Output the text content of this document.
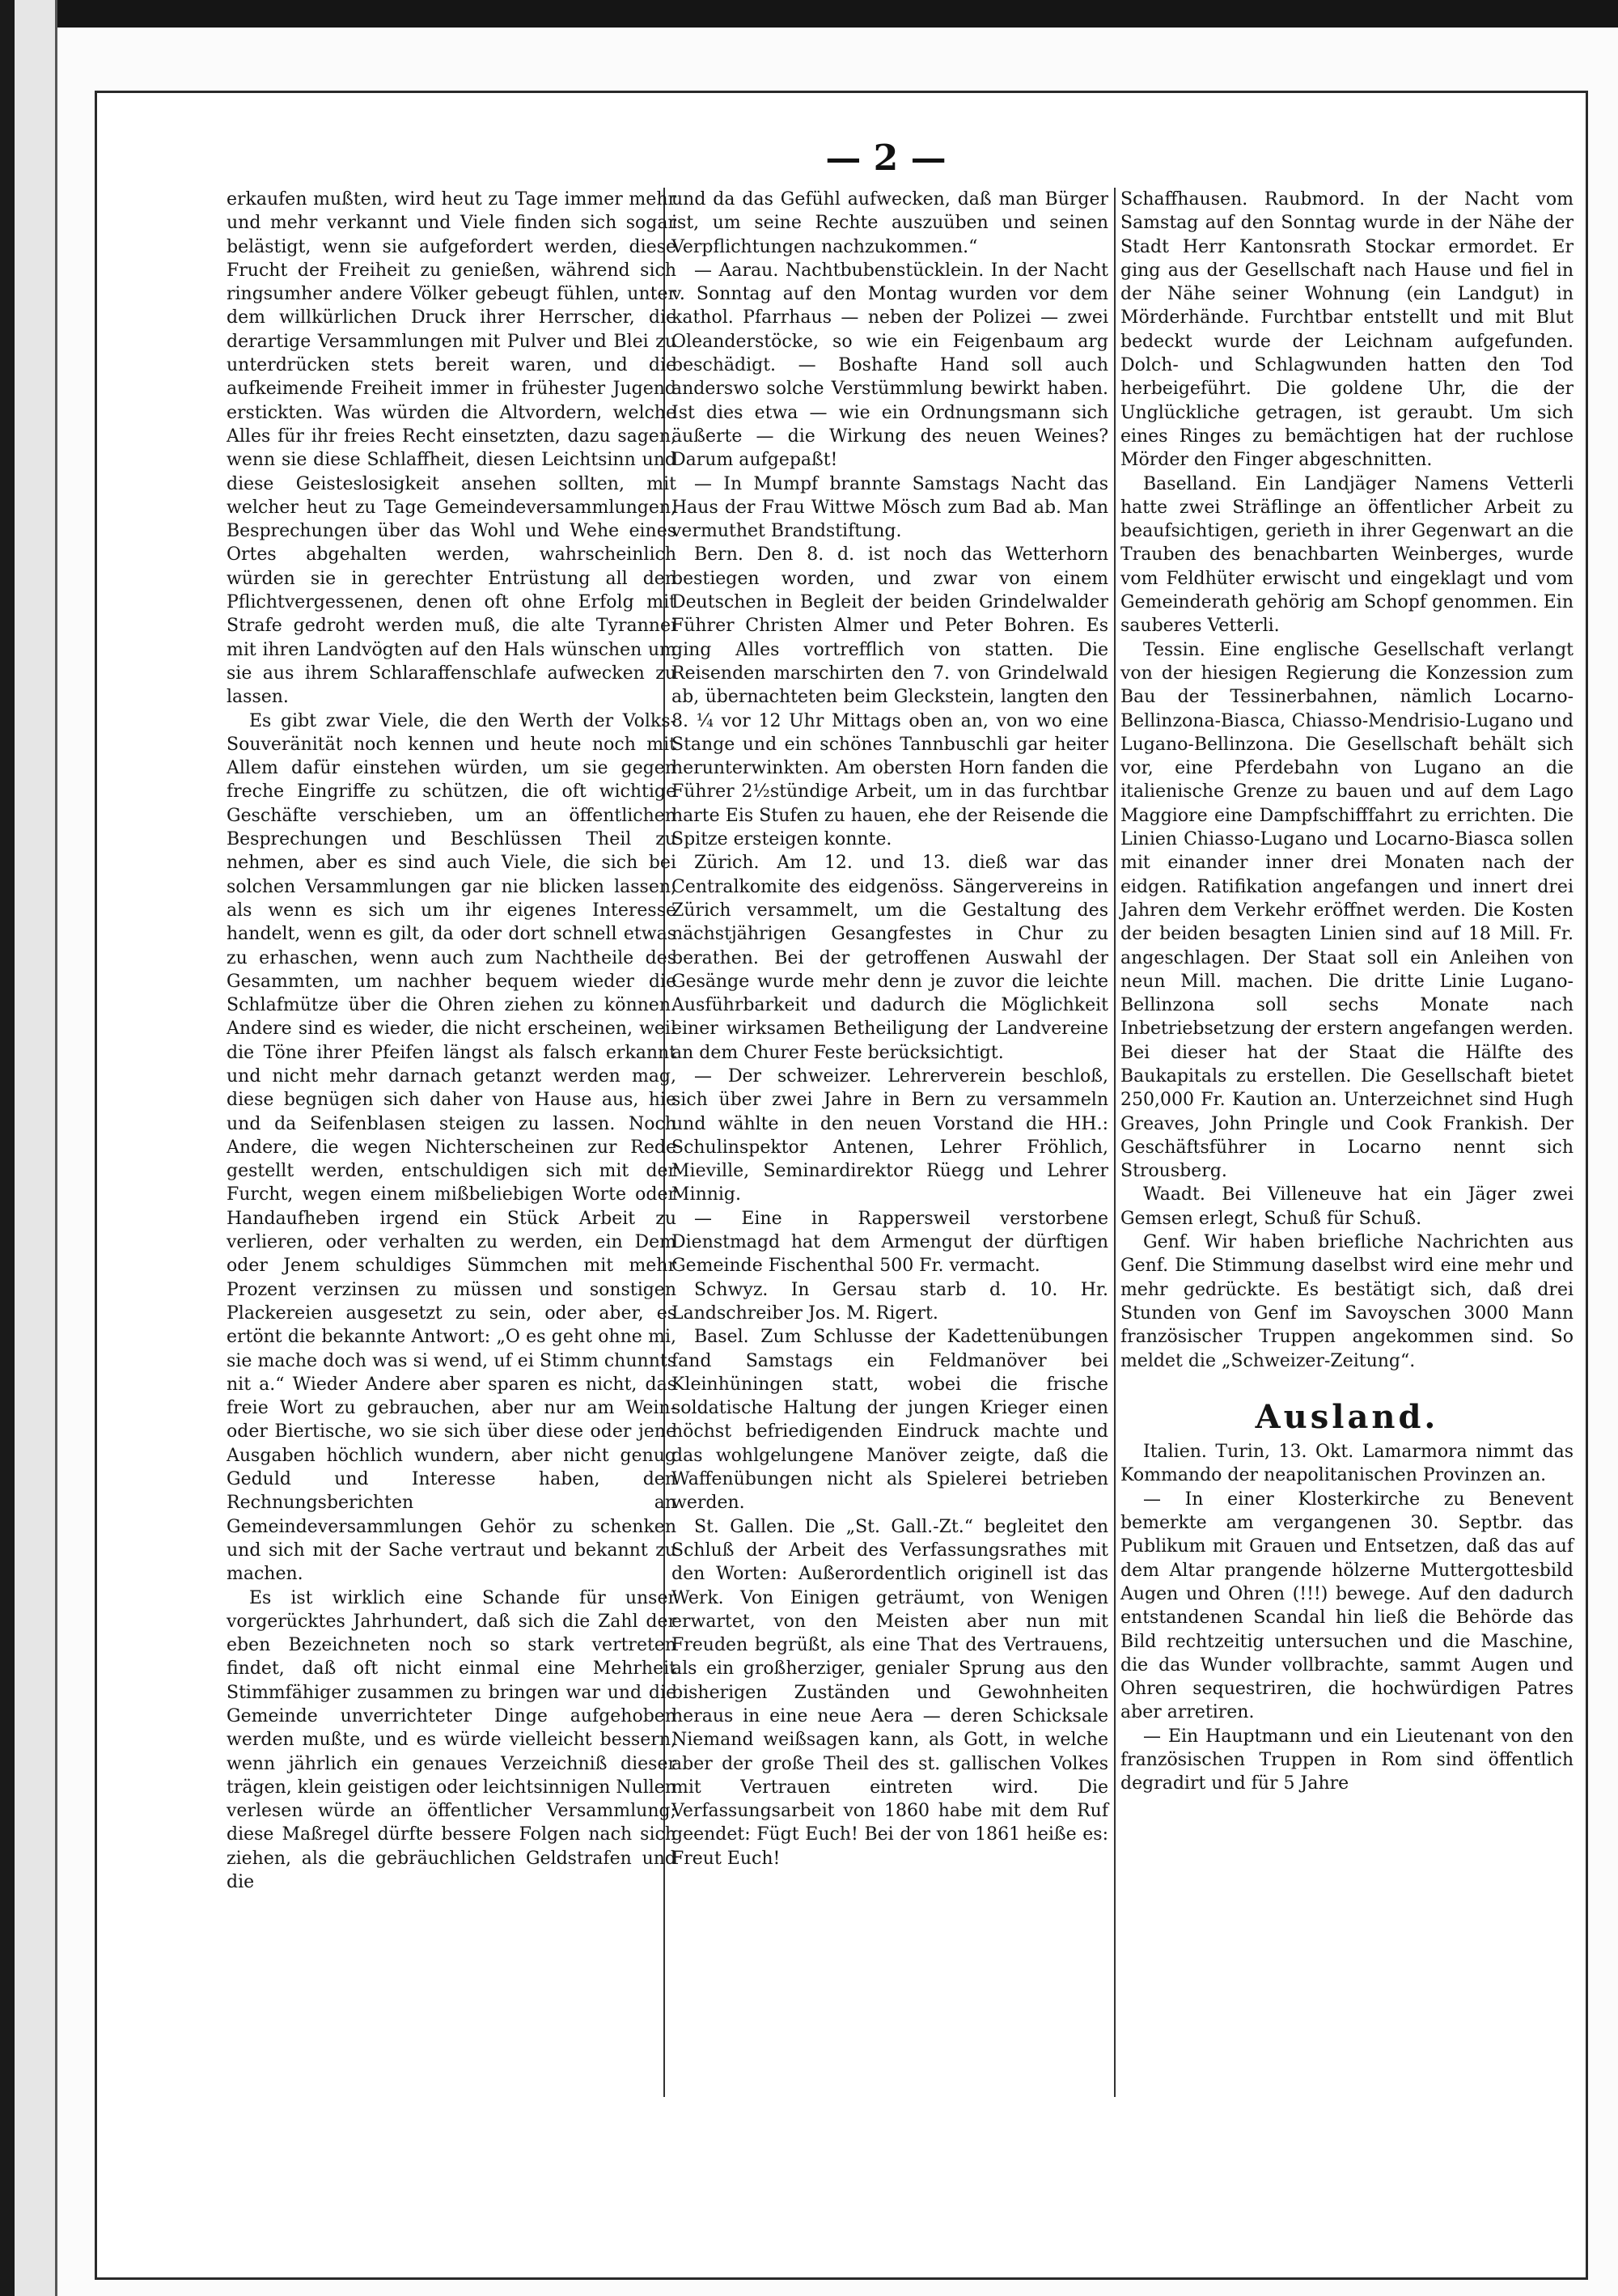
— 2 —

erkaufen mußten, wird heut zu Tage immer mehr und mehr verkannt und Viele finden sich sogar belästigt, wenn sie aufgefordert werden, diese Frucht der Freiheit zu genießen, während sich ringsumher andere Völker gebeugt fühlen, unter dem willkürlichen Druck ihrer Herrscher, die derartige Versammlungen mit Pulver und Blei zu unterdrücken stets bereit waren, und die aufkeimende Freiheit immer in frühester Jugend erstickten. Was würden die Altvordern, welche Alles für ihr freies Recht einsetzten, dazu sagen, wenn sie diese Schlaffheit, diesen Leichtsinn und diese Geisteslosigkeit ansehen sollten, mit welcher heut zu Tage Gemeindeversammlungen, Besprechungen über das Wohl und Wehe eines Ortes abgehalten werden, wahrscheinlich würden sie in gerechter Entrüstung all den Pflichtvergessenen, denen oft ohne Erfolg mit Strafe gedroht werden muß, die alte Tyrannei mit ihren Landvögten auf den Hals wünschen um sie aus ihrem Schlaraffenschlafe aufwecken zu lassen.

Es gibt zwar Viele, die den Werth der Volks-Souveränität noch kennen und heute noch mit Allem dafür einstehen würden, um sie gegen freche Eingriffe zu schützen, die oft wichtige Geschäfte verschieben, um an öffentlichen Besprechungen und Beschlüssen Theil zu nehmen, aber es sind auch Viele, die sich bei solchen Versammlungen gar nie blicken lassen, als wenn es sich um ihr eigenes Interesse handelt, wenn es gilt, da oder dort schnell etwas zu erhaschen, wenn auch zum Nachtheile des Gesammten, um nachher bequem wieder die Schlafmütze über die Ohren ziehen zu können. Andere sind es wieder, die nicht erscheinen, weil die Töne ihrer Pfeifen längst als falsch erkannt und nicht mehr darnach getanzt werden mag, diese begnügen sich daher von Hause aus, hie und da Seifenblasen steigen zu lassen. Noch Andere, die wegen Nichterscheinen zur Rede gestellt werden, entschuldigen sich mit der Furcht, wegen einem mißbeliebigen Worte oder Handaufheben irgend ein Stück Arbeit zu verlieren, oder verhalten zu werden, ein Dem oder Jenem schuldiges Sümmchen mit mehr Prozent verzinsen zu müssen und sonstigen Plackereien ausgesetzt zu sein, oder aber, es ertönt die bekannte Antwort: „O es geht ohne mi, sie mache doch was si wend, uf ei Stimm chunnts nit a.“ Wieder Andere aber sparen es nicht, das freie Wort zu gebrauchen, aber nur am Wein- oder Biertische, wo sie sich über diese oder jene Ausgaben höchlich wundern, aber nicht genug Geduld und Interesse haben, den Rechnungsberichten an Gemeindeversammlungen Gehör zu schenken und sich mit der Sache vertraut und bekannt zu machen.

Es ist wirklich eine Schande für unser vorgerücktes Jahrhundert, daß sich die Zahl der eben Bezeichneten noch so stark vertreten findet, daß oft nicht einmal eine Mehrheit Stimmfähiger zusammen zu bringen war und die Gemeinde unverrichteter Dinge aufgehoben werden mußte, und es würde vielleicht bessern, wenn jährlich ein genaues Verzeichniß dieser trägen, klein geistigen oder leichtsinnigen Nullen verlesen würde an öffentlicher Versammlung; diese Maßregel dürfte bessere Folgen nach sich ziehen, als die gebräuchlichen Geldstrafen und die

und da das Gefühl aufwecken, daß man Bürger ist, um seine Rechte auszuüben und seinen Verpflichtungen nachzukommen.“

— Aarau. Nachtbubenstücklein. In der Nacht v. Sonntag auf den Montag wurden vor dem kathol. Pfarrhaus — neben der Polizei — zwei Oleanderstöcke, so wie ein Feigenbaum arg beschädigt. — Boshafte Hand soll auch anderswo solche Verstümmlung bewirkt haben. Ist dies etwa — wie ein Ordnungsmann sich äußerte — die Wirkung des neuen Weines? Darum aufgepaßt!

— In Mumpf brannte Samstags Nacht das Haus der Frau Wittwe Mösch zum Bad ab. Man vermuthet Brandstiftung.

Bern. Den 8. d. ist noch das Wetterhorn bestiegen worden, und zwar von einem Deutschen in Begleit der beiden Grindelwalder Führer Christen Almer und Peter Bohren. Es ging Alles vortrefflich von statten. Die Reisenden marschirten den 7. von Grindelwald ab, übernachteten beim Gleckstein, langten den 8. ¼ vor 12 Uhr Mittags oben an, von wo eine Stange und ein schönes Tannbuschli gar heiter herunterwinkten. Am obersten Horn fanden die Führer 2½stündige Arbeit, um in das furchtbar harte Eis Stufen zu hauen, ehe der Reisende die Spitze ersteigen konnte.

Zürich. Am 12. und 13. dieß war das Centralkomite des eidgenöss. Sängervereins in Zürich versammelt, um die Gestaltung des nächstjährigen Gesangfestes in Chur zu berathen. Bei der getroffenen Auswahl der Gesänge wurde mehr denn je zuvor die leichte Ausführbarkeit und dadurch die Möglichkeit einer wirksamen Betheiligung der Landvereine an dem Churer Feste berücksichtigt.

— Der schweizer. Lehrerverein beschloß, sich über zwei Jahre in Bern zu versammeln und wählte in den neuen Vorstand die HH.: Schulinspektor Antenen, Lehrer Fröhlich, Mieville, Seminardirektor Rüegg und Lehrer Minnig.

— Eine in Rappersweil verstorbene Dienstmagd hat dem Armengut der dürftigen Gemeinde Fischenthal 500 Fr. vermacht.

Schwyz. In Gersau starb d. 10. Hr. Landschreiber Jos. M. Rigert.

Basel. Zum Schlusse der Kadettenübungen fand Samstags ein Feldmanöver bei Kleinhüningen statt, wobei die frische soldatische Haltung der jungen Krieger einen höchst befriedigenden Eindruck machte und das wohlgelungene Manöver zeigte, daß die Waffenübungen nicht als Spielerei betrieben werden.

St. Gallen. Die „St. Gall.-Zt.“ begleitet den Schluß der Arbeit des Verfassungsrathes mit den Worten: Außerordentlich originell ist das Werk. Von Einigen geträumt, von Wenigen erwartet, von den Meisten aber nun mit Freuden begrüßt, als eine That des Vertrauens, als ein großherziger, genialer Sprung aus den bisherigen Zuständen und Gewohnheiten heraus in eine neue Aera — deren Schicksale Niemand weißsagen kann, als Gott, in welche aber der große Theil des st. gallischen Volkes mit Vertrauen eintreten wird. Die Verfassungsarbeit von 1860 habe mit dem Ruf geendet: Fügt Euch! Bei der von 1861 heiße es: Freut Euch!

Schaffhausen. Raubmord. In der Nacht vom Samstag auf den Sonntag wurde in der Nähe der Stadt Herr Kantonsrath Stockar ermordet. Er ging aus der Gesellschaft nach Hause und fiel in der Nähe seiner Wohnung (ein Landgut) in Mörderhände. Furchtbar entstellt und mit Blut bedeckt wurde der Leichnam aufgefunden. Dolch- und Schlagwunden hatten den Tod herbeigeführt. Die goldene Uhr, die der Unglückliche getragen, ist geraubt. Um sich eines Ringes zu bemächtigen hat der ruchlose Mörder den Finger abgeschnitten.

Baselland. Ein Landjäger Namens Vetterli hatte zwei Sträflinge an öffentlicher Arbeit zu beaufsichtigen, gerieth in ihrer Gegenwart an die Trauben des benachbarten Weinberges, wurde vom Feldhüter erwischt und eingeklagt und vom Gemeinderath gehörig am Schopf genommen. Ein sauberes Vetterli.

Tessin. Eine englische Gesellschaft verlangt von der hiesigen Regierung die Konzession zum Bau der Tessinerbahnen, nämlich Locarno-Bellinzona-Biasca, Chiasso-Mendrisio-Lugano und Lugano-Bellinzona. Die Gesellschaft behält sich vor, eine Pferdebahn von Lugano an die italienische Grenze zu bauen und auf dem Lago Maggiore eine Dampfschifffahrt zu errichten. Die Linien Chiasso-Lugano und Locarno-Biasca sollen mit einander inner drei Monaten nach der eidgen. Ratifikation angefangen und innert drei Jahren dem Verkehr eröffnet werden. Die Kosten der beiden besagten Linien sind auf 18 Mill. Fr. angeschlagen. Der Staat soll ein Anleihen von neun Mill. machen. Die dritte Linie Lugano-Bellinzona soll sechs Monate nach Inbetriebsetzung der erstern angefangen werden. Bei dieser hat der Staat die Hälfte des Baukapitals zu erstellen. Die Gesellschaft bietet 250,000 Fr. Kaution an. Unterzeichnet sind Hugh Greaves, John Pringle und Cook Frankish. Der Geschäftsführer in Locarno nennt sich Strousberg.

Waadt. Bei Villeneuve hat ein Jäger zwei Gemsen erlegt, Schuß für Schuß.

Genf. Wir haben briefliche Nachrichten aus Genf. Die Stimmung daselbst wird eine mehr und mehr gedrückte. Es bestätigt sich, daß drei Stunden von Genf im Savoyschen 3000 Mann französischer Truppen angekommen sind. So meldet die „Schweizer-Zeitung“.

Ausland.

Italien. Turin, 13. Okt. Lamarmora nimmt das Kommando der neapolitanischen Provinzen an.

— In einer Klosterkirche zu Benevent bemerkte am vergangenen 30. Septbr. das Publikum mit Grauen und Entsetzen, daß das auf dem Altar prangende hölzerne Muttergottesbild Augen und Ohren (!!!) bewege. Auf den dadurch entstandenen Scandal hin ließ die Behörde das Bild rechtzeitig untersuchen und die Maschine, die das Wunder vollbrachte, sammt Augen und Ohren sequestriren, die hochwürdigen Patres aber arretiren.

— Ein Hauptmann und ein Lieutenant von den französischen Truppen in Rom sind öffentlich degradirt und für 5 Jahre
